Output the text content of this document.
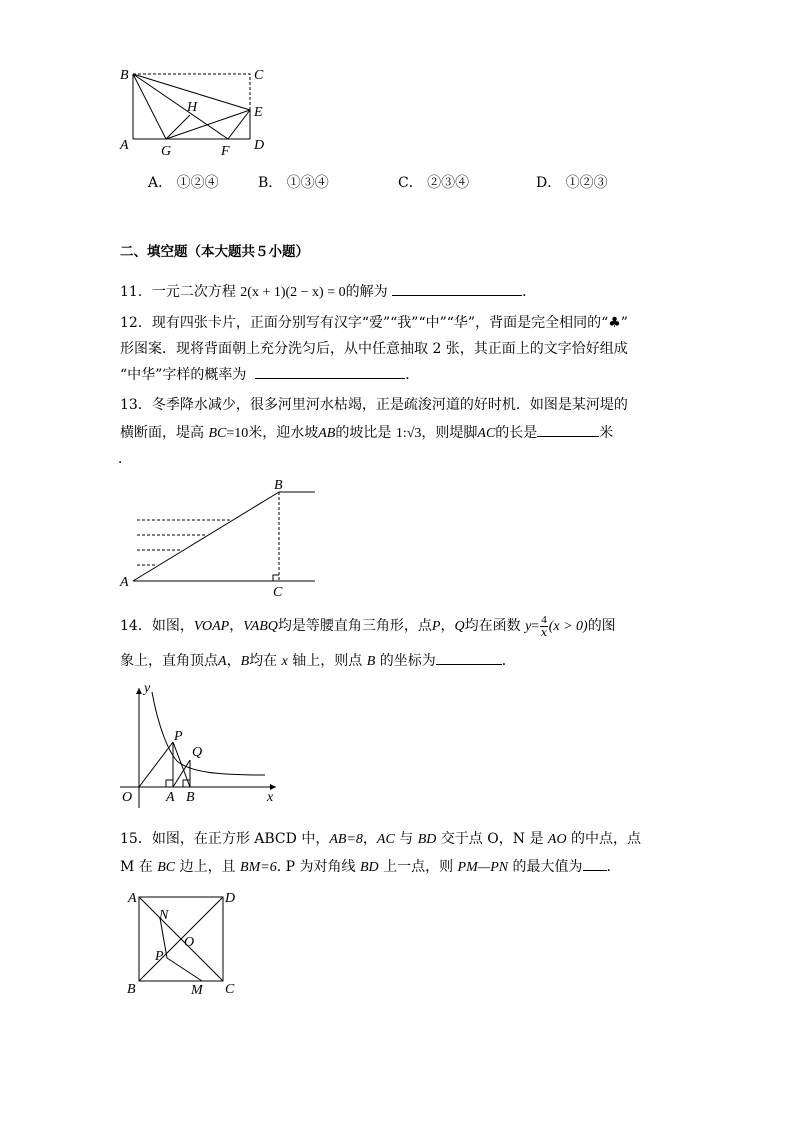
B	C
H	E
A G	F D
A． ①②④	B． ①③④	C． ②③④	D． ①②③
二、填空题（本大题共５小题）
11．一元二次方程 2(x + 1)(2 − x) = 0的解为	．
12．现有四张卡片，正面分别写有汉字“爱”“我”“中”“华”，背面是完全相同的“♣”
形图案．现将背面朝上充分洗匀后，从中任意抽取 2 张，其正面上的文字恰好组成
“中华”字样的概率为	．
13．冬季降水减少，很多河里河水枯竭，正是疏浚河道的好时机．如图是某河堤的
横断面，堤高 BC=10米，迎水坡AB的坡比是 1:√3，则堤脚AC的长是	米
．
A
B
C
14．如图，VOAP，VABQ均是等腰直角三角形，点P，Q均在函数 $y= \frac{4}{x} (x > 0)$的图
象上，直角顶点A，B均在 x 轴上，则点 B 的坐标为	．
y
P
Q
O A B	x
15．如图，在正方形 ABCD 中，AB=8，AC 与 BD 交于点 O，N 是 AO 的中点，点
M 在 BC 边上，且 BM=6. P 为对角线 BD 上一点，则 PM—PN 的最大值为 .
A	D
N
O
P
B	M C
